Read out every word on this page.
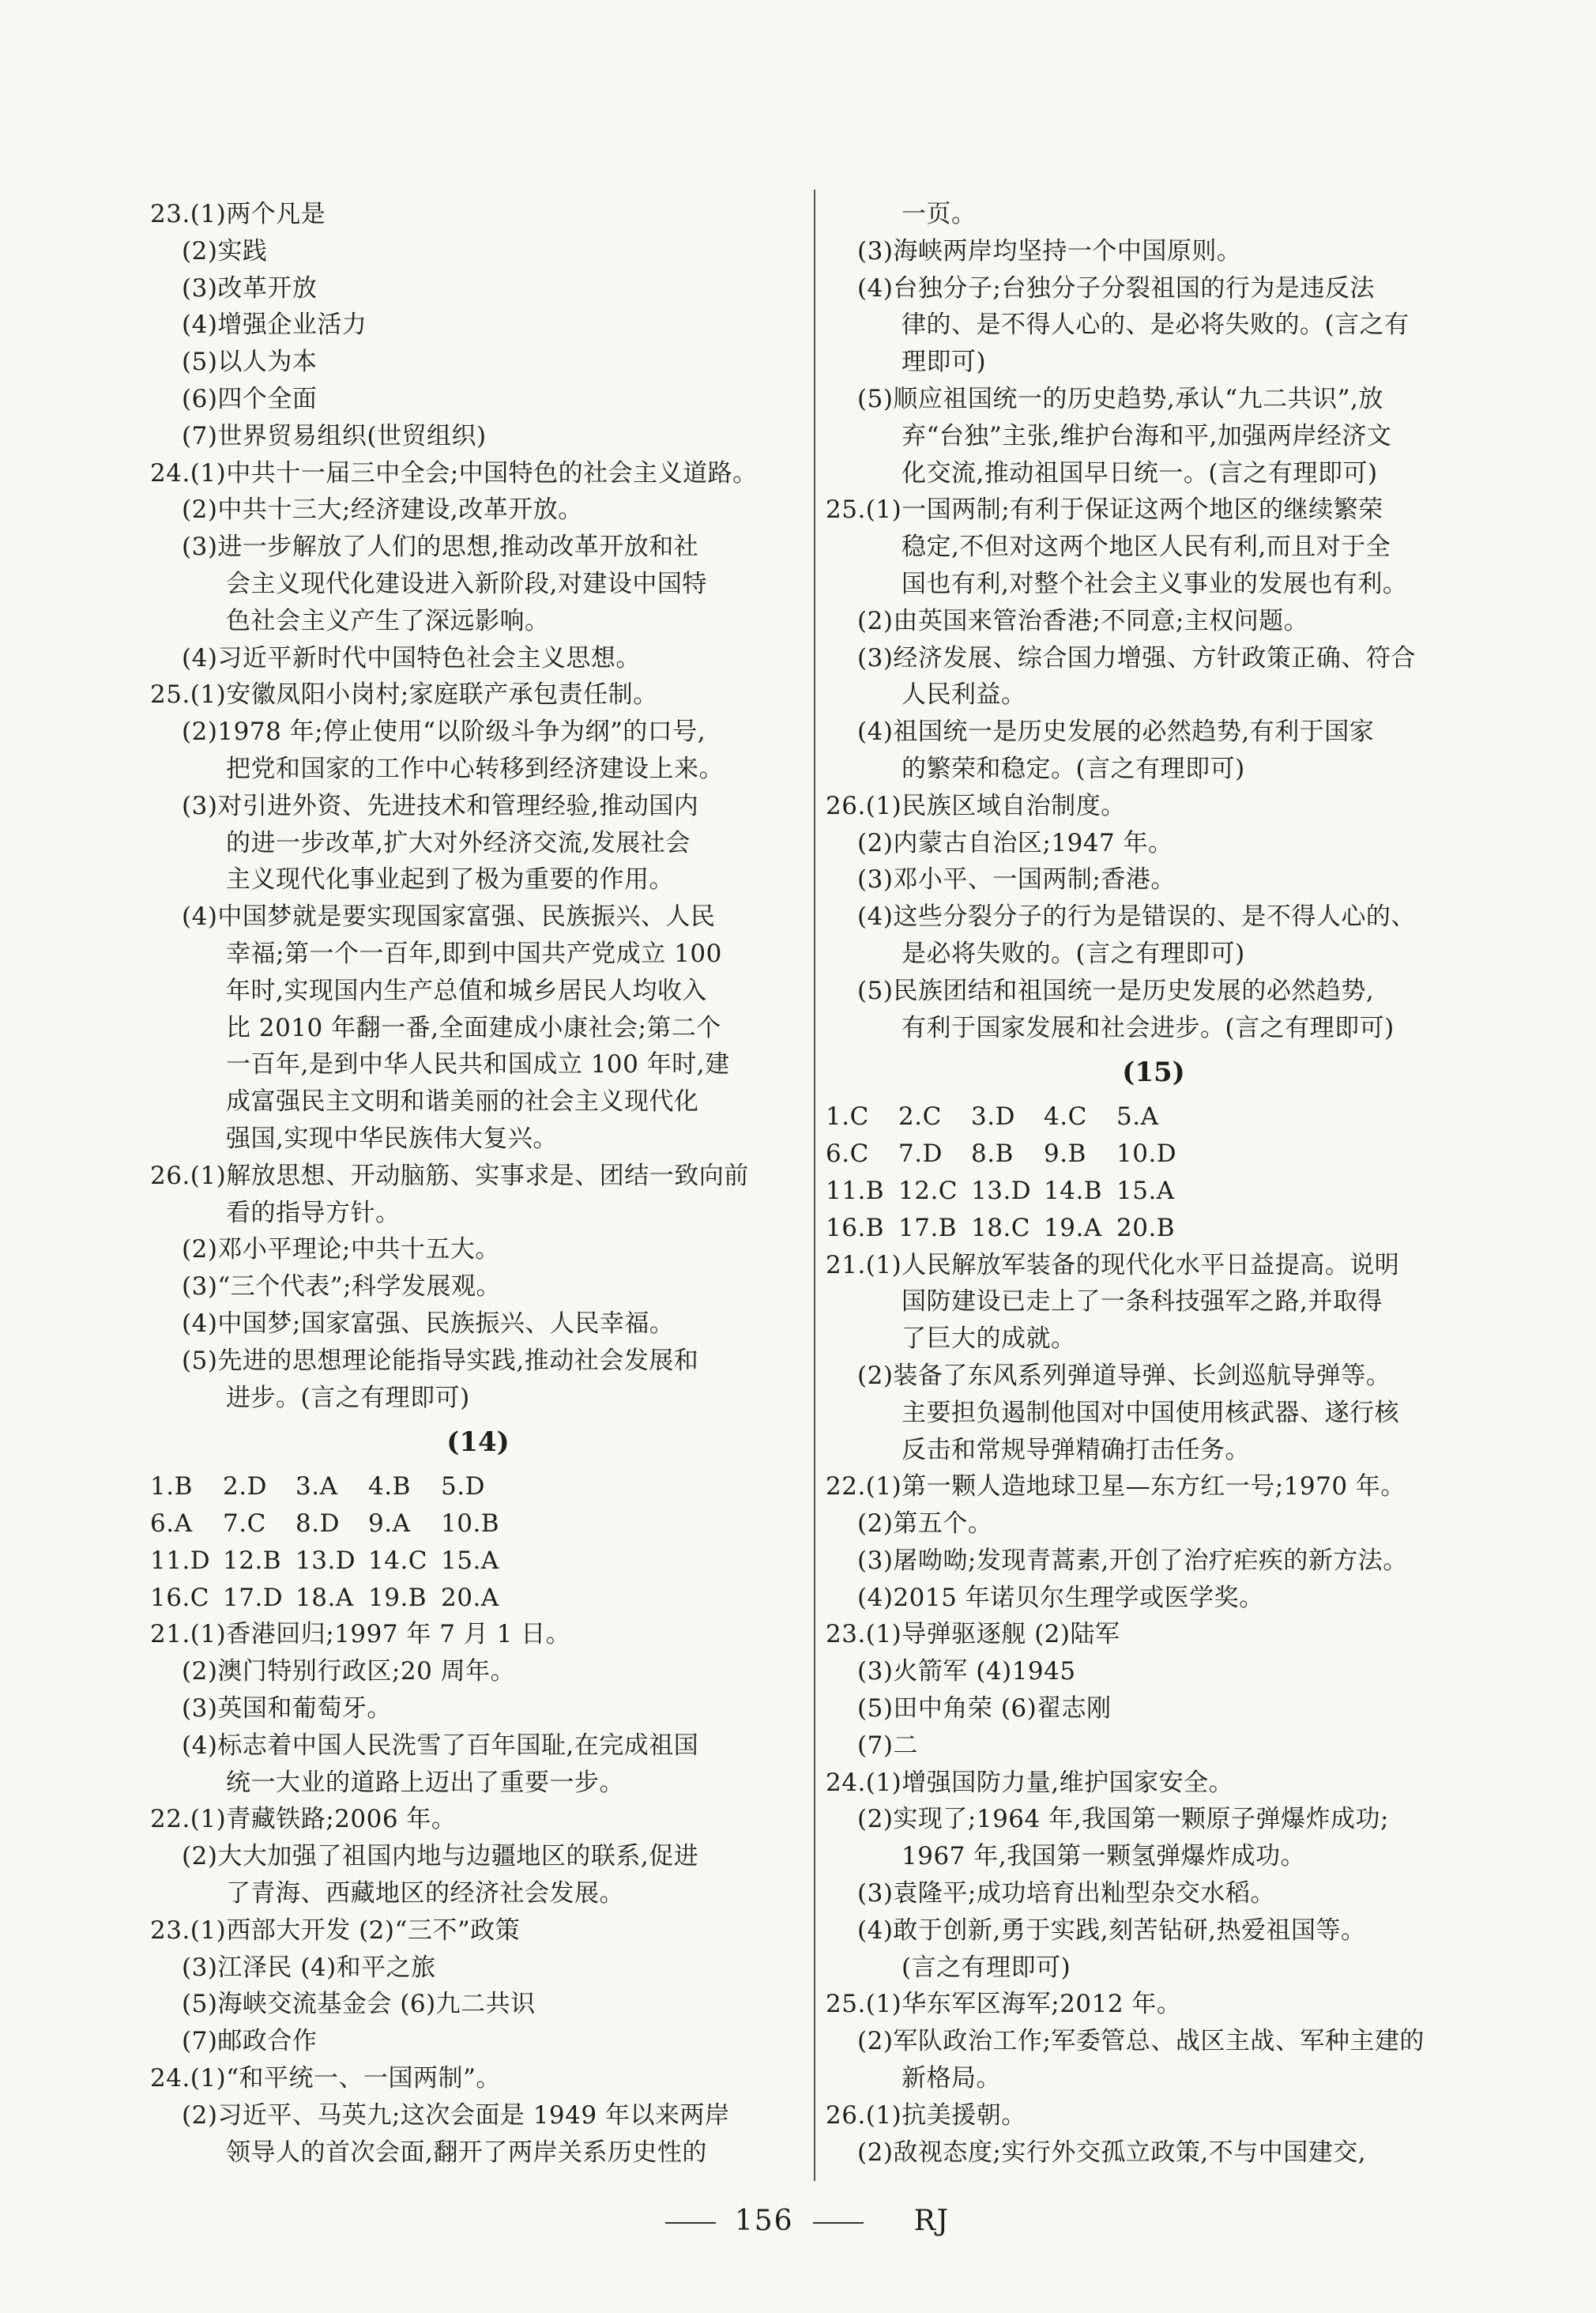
23.(1)两个凡是
(2)实践
(3)改革开放
(4)增强企业活力
(5)以人为本
(6)四个全面
(7)世界贸易组织(世贸组织)
24.(1)中共十一届三中全会;中国特色的社会主义道路。
(2)中共十三大;经济建设,改革开放。
(3)进一步解放了人们的思想,推动改革开放和社
会主义现代化建设进入新阶段,对建设中国特
色社会主义产生了深远影响。
(4)习近平新时代中国特色社会主义思想。
25.(1)安徽凤阳小岗村;家庭联产承包责任制。
(2)1978 年;停止使用“以阶级斗争为纲”的口号,
把党和国家的工作中心转移到经济建设上来。
(3)对引进外资、先进技术和管理经验,推动国内
的进一步改革,扩大对外经济交流,发展社会
主义现代化事业起到了极为重要的作用。
(4)中国梦就是要实现国家富强、民族振兴、人民
幸福;第一个一百年,即到中国共产党成立 100
年时,实现国内生产总值和城乡居民人均收入
比 2010 年翻一番,全面建成小康社会;第二个
一百年,是到中华人民共和国成立 100 年时,建
成富强民主文明和谐美丽的社会主义现代化
强国,实现中华民族伟大复兴。
26.(1)解放思想、开动脑筋、实事求是、团结一致向前
看的指导方针。
(2)邓小平理论;中共十五大。
(3)“三个代表”;科学发展观。
(4)中国梦;国家富强、民族振兴、人民幸福。
(5)先进的思想理论能指导实践,推动社会发展和
进步。(言之有理即可)
(14)
1.B	2.D	3.A	4.B	5.D
6.A	7.C	8.D	9.A	10.B
11.D 12.B 13.D 14.C 15.A
16.C 17.D 18.A 19.B 20.A
21.(1)香港回归;1997 年 7 月 1 日。
(2)澳门特别行政区;20 周年。
(3)英国和葡萄牙。
(4)标志着中国人民洗雪了百年国耻,在完成祖国
统一大业的道路上迈出了重要一步。
22.(1)青藏铁路;2006 年。
(2)大大加强了祖国内地与边疆地区的联系,促进
了青海、西藏地区的经济社会发展。
23.(1)西部大开发 (2)“三不”政策
(3)江泽民 (4)和平之旅
(5)海峡交流基金会 (6)九二共识
(7)邮政合作
24.(1)“和平统一、一国两制”。
(2)习近平、马英九;这次会面是 1949 年以来两岸
领导人的首次会面,翻开了两岸关系历史性的
一页。
(3)海峡两岸均坚持一个中国原则。
(4)台独分子;台独分子分裂祖国的行为是违反法
律的、是不得人心的、是必将失败的。(言之有
理即可)
(5)顺应祖国统一的历史趋势,承认“九二共识”,放
弃“台独”主张,维护台海和平,加强两岸经济文
化交流,推动祖国早日统一。(言之有理即可)
25.(1)一国两制;有利于保证这两个地区的继续繁荣
稳定,不但对这两个地区人民有利,而且对于全
国也有利,对整个社会主义事业的发展也有利。
(2)由英国来管治香港;不同意;主权问题。
(3)经济发展、综合国力增强、方针政策正确、符合
人民利益。
(4)祖国统一是历史发展的必然趋势,有利于国家
的繁荣和稳定。(言之有理即可)
26.(1)民族区域自治制度。
(2)内蒙古自治区;1947 年。
(3)邓小平、一国两制;香港。
(4)这些分裂分子的行为是错误的、是不得人心的、
是必将失败的。(言之有理即可)
(5)民族团结和祖国统一是历史发展的必然趋势,
有利于国家发展和社会进步。(言之有理即可)
(15)
1.C	2.C	3.D	4.C	5.A
6.C	7.D	8.B	9.B	10.D
11.B 12.C 13.D 14.B 15.A
16.B 17.B 18.C 19.A 20.B
21.(1)人民解放军装备的现代化水平日益提高。说明
国防建设已走上了一条科技强军之路,并取得
了巨大的成就。
(2)装备了东风系列弹道导弹、长剑巡航导弹等。
主要担负遏制他国对中国使用核武器、遂行核
反击和常规导弹精确打击任务。
22.(1)第一颗人造地球卫星—东方红一号;1970 年。
(2)第五个。
(3)屠呦呦;发现青蒿素,开创了治疗疟疾的新方法。
(4)2015 年诺贝尔生理学或医学奖。
23.(1)导弹驱逐舰 (2)陆军
(3)火箭军 (4)1945
(5)田中角荣 (6)翟志刚
(7)二
24.(1)增强国防力量,维护国家安全。
(2)实现了;1964 年,我国第一颗原子弹爆炸成功;
1967 年,我国第一颗氢弹爆炸成功。
(3)袁隆平;成功培育出籼型杂交水稻。
(4)敢于创新,勇于实践,刻苦钻研,热爱祖国等。
(言之有理即可)
25.(1)华东军区海军;2012 年。
(2)军队政治工作;军委管总、战区主战、军种主建的
新格局。
26.(1)抗美援朝。
(2)敌视态度;实行外交孤立政策,不与中国建交,
156	RJ
